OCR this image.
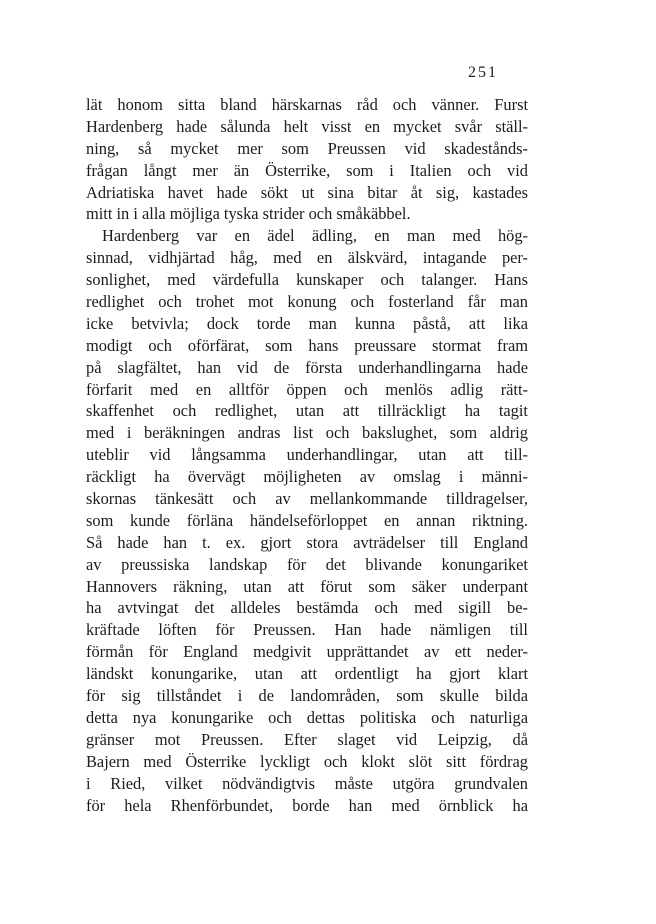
251
lät honom sitta bland härskarnas råd och vänner. Furst
Hardenberg hade sålunda helt visst en mycket svår ställ-
ning, så mycket mer som Preussen vid skadestånds-
frågan långt mer än Österrike, som i Italien och vid
Adriatiska havet hade sökt ut sina bitar åt sig, kastades
mitt in i alla möjliga tyska strider och småkäbbel.
Hardenberg var en ädel ädling, en man med hög-
sinnad, vidhjärtad håg, med en älskvärd, intagande per-
sonlighet, med värdefulla kunskaper och talanger. Hans
redlighet och trohet mot konung och fosterland får man
icke betvivla; dock torde man kunna påstå, att lika
modigt och oförfärat, som hans preussare stormat fram
på slagfältet, han vid de första underhandlingarna hade
förfarit med en alltför öppen och menlös adlig rätt-
skaffenhet och redlighet, utan att tillräckligt ha tagit
med i beräkningen andras list och bakslughet, som aldrig
uteblir vid långsamma underhandlingar, utan att till-
räckligt ha övervägt möjligheten av omslag i männi-
skornas tänkesätt och av mellankommande tilldragelser,
som kunde förläna händelseförloppet en annan riktning.
Så hade han t. ex. gjort stora avträdelser till England
av preussiska landskap för det blivande konungariket
Hannovers räkning, utan att förut som säker underpant
ha avtvingat det alldeles bestämda och med sigill be-
kräftade löften för Preussen. Han hade nämligen till
förmån för England medgivit upprättandet av ett neder-
ländskt konungarike, utan att ordentligt ha gjort klart
för sig tillståndet i de landområden, som skulle bilda
detta nya konungarike och dettas politiska och naturliga
gränser mot Preussen. Efter slaget vid Leipzig, då
Bajern med Österrike lyckligt och klokt slöt sitt fördrag
i Ried, vilket nödvändigtvis måste utgöra grundvalen
för hela Rhenförbundet, borde han med örnblick ha
